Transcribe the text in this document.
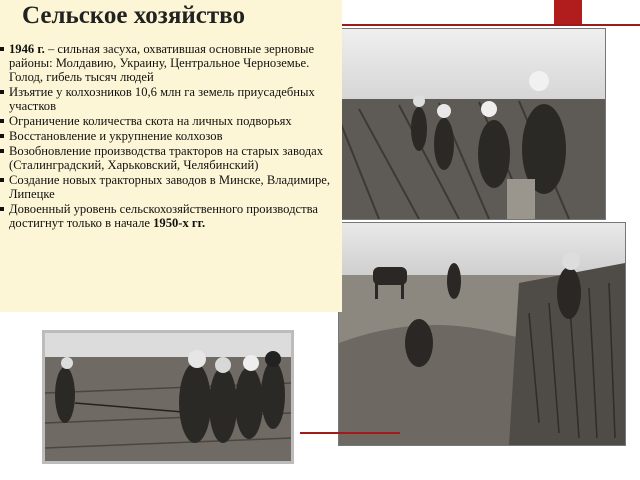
Сельское хозяйство
1946 г. – сильная засуха, охватившая основные зерновые районы: Молдавию, Украину, Центральное Черноземье. Голод, гибель тысяч людей
Изъятие у колхозников 10,6 млн га земель приусадебных участков
Ограничение количества скота на личных подворьях
Восстановление и укрупнение колхозов
Возобновление производства тракторов на старых заводах (Сталинградский, Харьковский, Челябинский)
Создание новых тракторных заводов в Минске, Владимире, Липецке
Довоенный уровень сельскохозяйственного производства достигнут только в начале 1950-х гг.
